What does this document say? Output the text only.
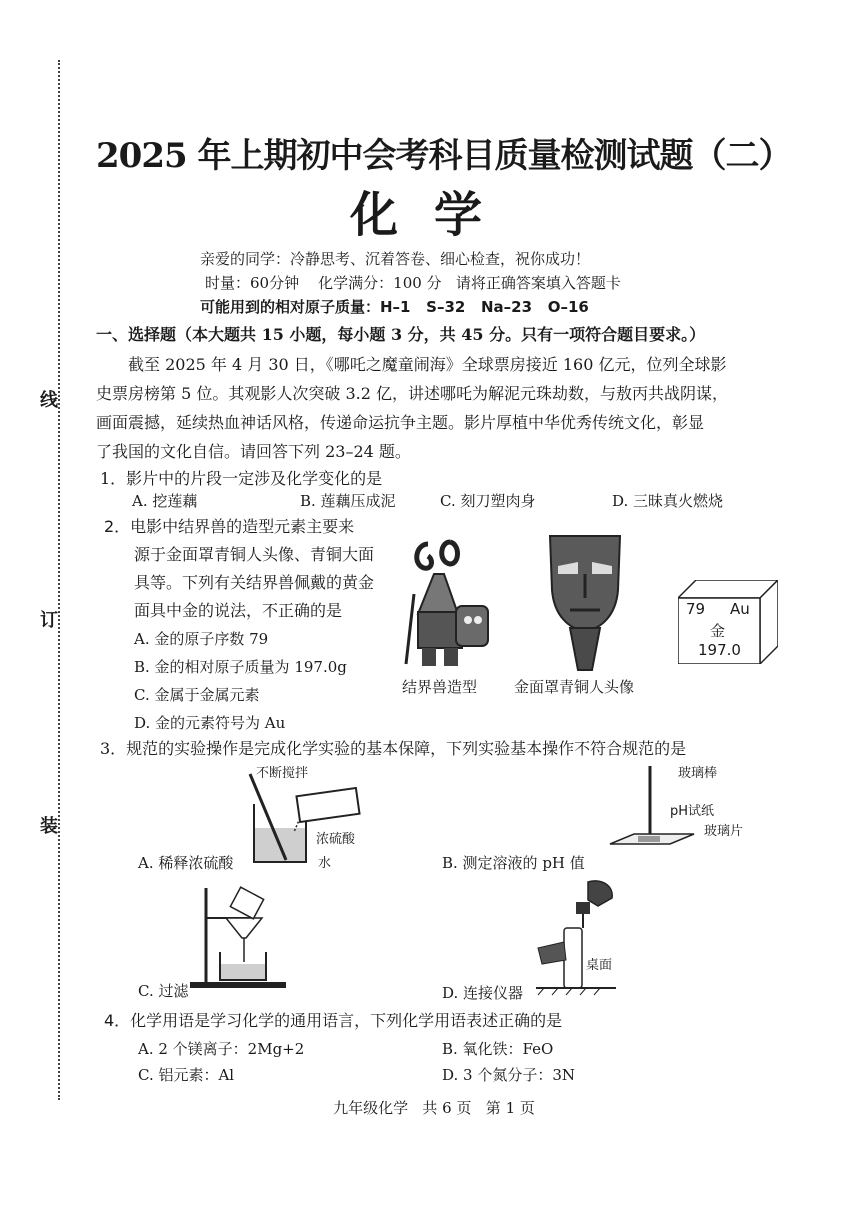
线
订
装
2025 年上期初中会考科目质量检测试题（二）
化学
亲爱的同学：冷静思考、沉着答卷、细心检查，祝你成功！
时量：60分钟    化学满分：100 分   请将正确答案填入答题卡
可能用到的相对原子质量：H–1   S–32   Na–23   O–16
一、选择题（本大题共 15 小题，每小题 3 分，共 45 分。只有一项符合题目要求。）
截至 2025 年 4 月 30 日，《哪吒之魔童闹海》全球票房接近 160 亿元，位列全球影
史票房榜第 5 位。其观影人次突破 3.2 亿，讲述哪吒为解泥元珠劫数，与敖丙共战阴谋，
画面震撼，延续热血神话风格，传递命运抗争主题。影片厚植中华优秀传统文化，彰显
了我国的文化自信。请回答下列 23–24 题。
1．影片中的片段一定涉及化学变化的是
A. 挖莲藕	B. 莲藕压成泥	C. 刻刀塑肉身	D. 三昧真火燃烧
2．电影中结界兽的造型元素主要来
源于金面罩青铜人头像、青铜大面
具等。下列有关结界兽佩戴的黄金
面具中金的说法，不正确的是
A. 金的原子序数 79
B. 金的相对原子质量为 197.0g
C. 金属于金属元素
D. 金的元素符号为 Au
结界兽造型 金面罩青铜人头像
79 Au
金
197.0
3．规范的实验操作是完成化学实验的基本保障，下列实验基本操作不符合规范的是
不断搅拌
浓硫酸
水
A. 稀释浓硫酸
玻璃棒
pH试纸
玻璃片
B. 测定溶液的 pH 值
C. 过滤
桌面
D. 连接仪器
4．化学用语是学习化学的通用语言，下列化学用语表述正确的是
A. 2 个镁离子：2Mg+2	B. 氧化铁：FeO
C. 铝元素：Al	D. 3 个氮分子：3N
九年级化学   共 6 页   第 1 页
